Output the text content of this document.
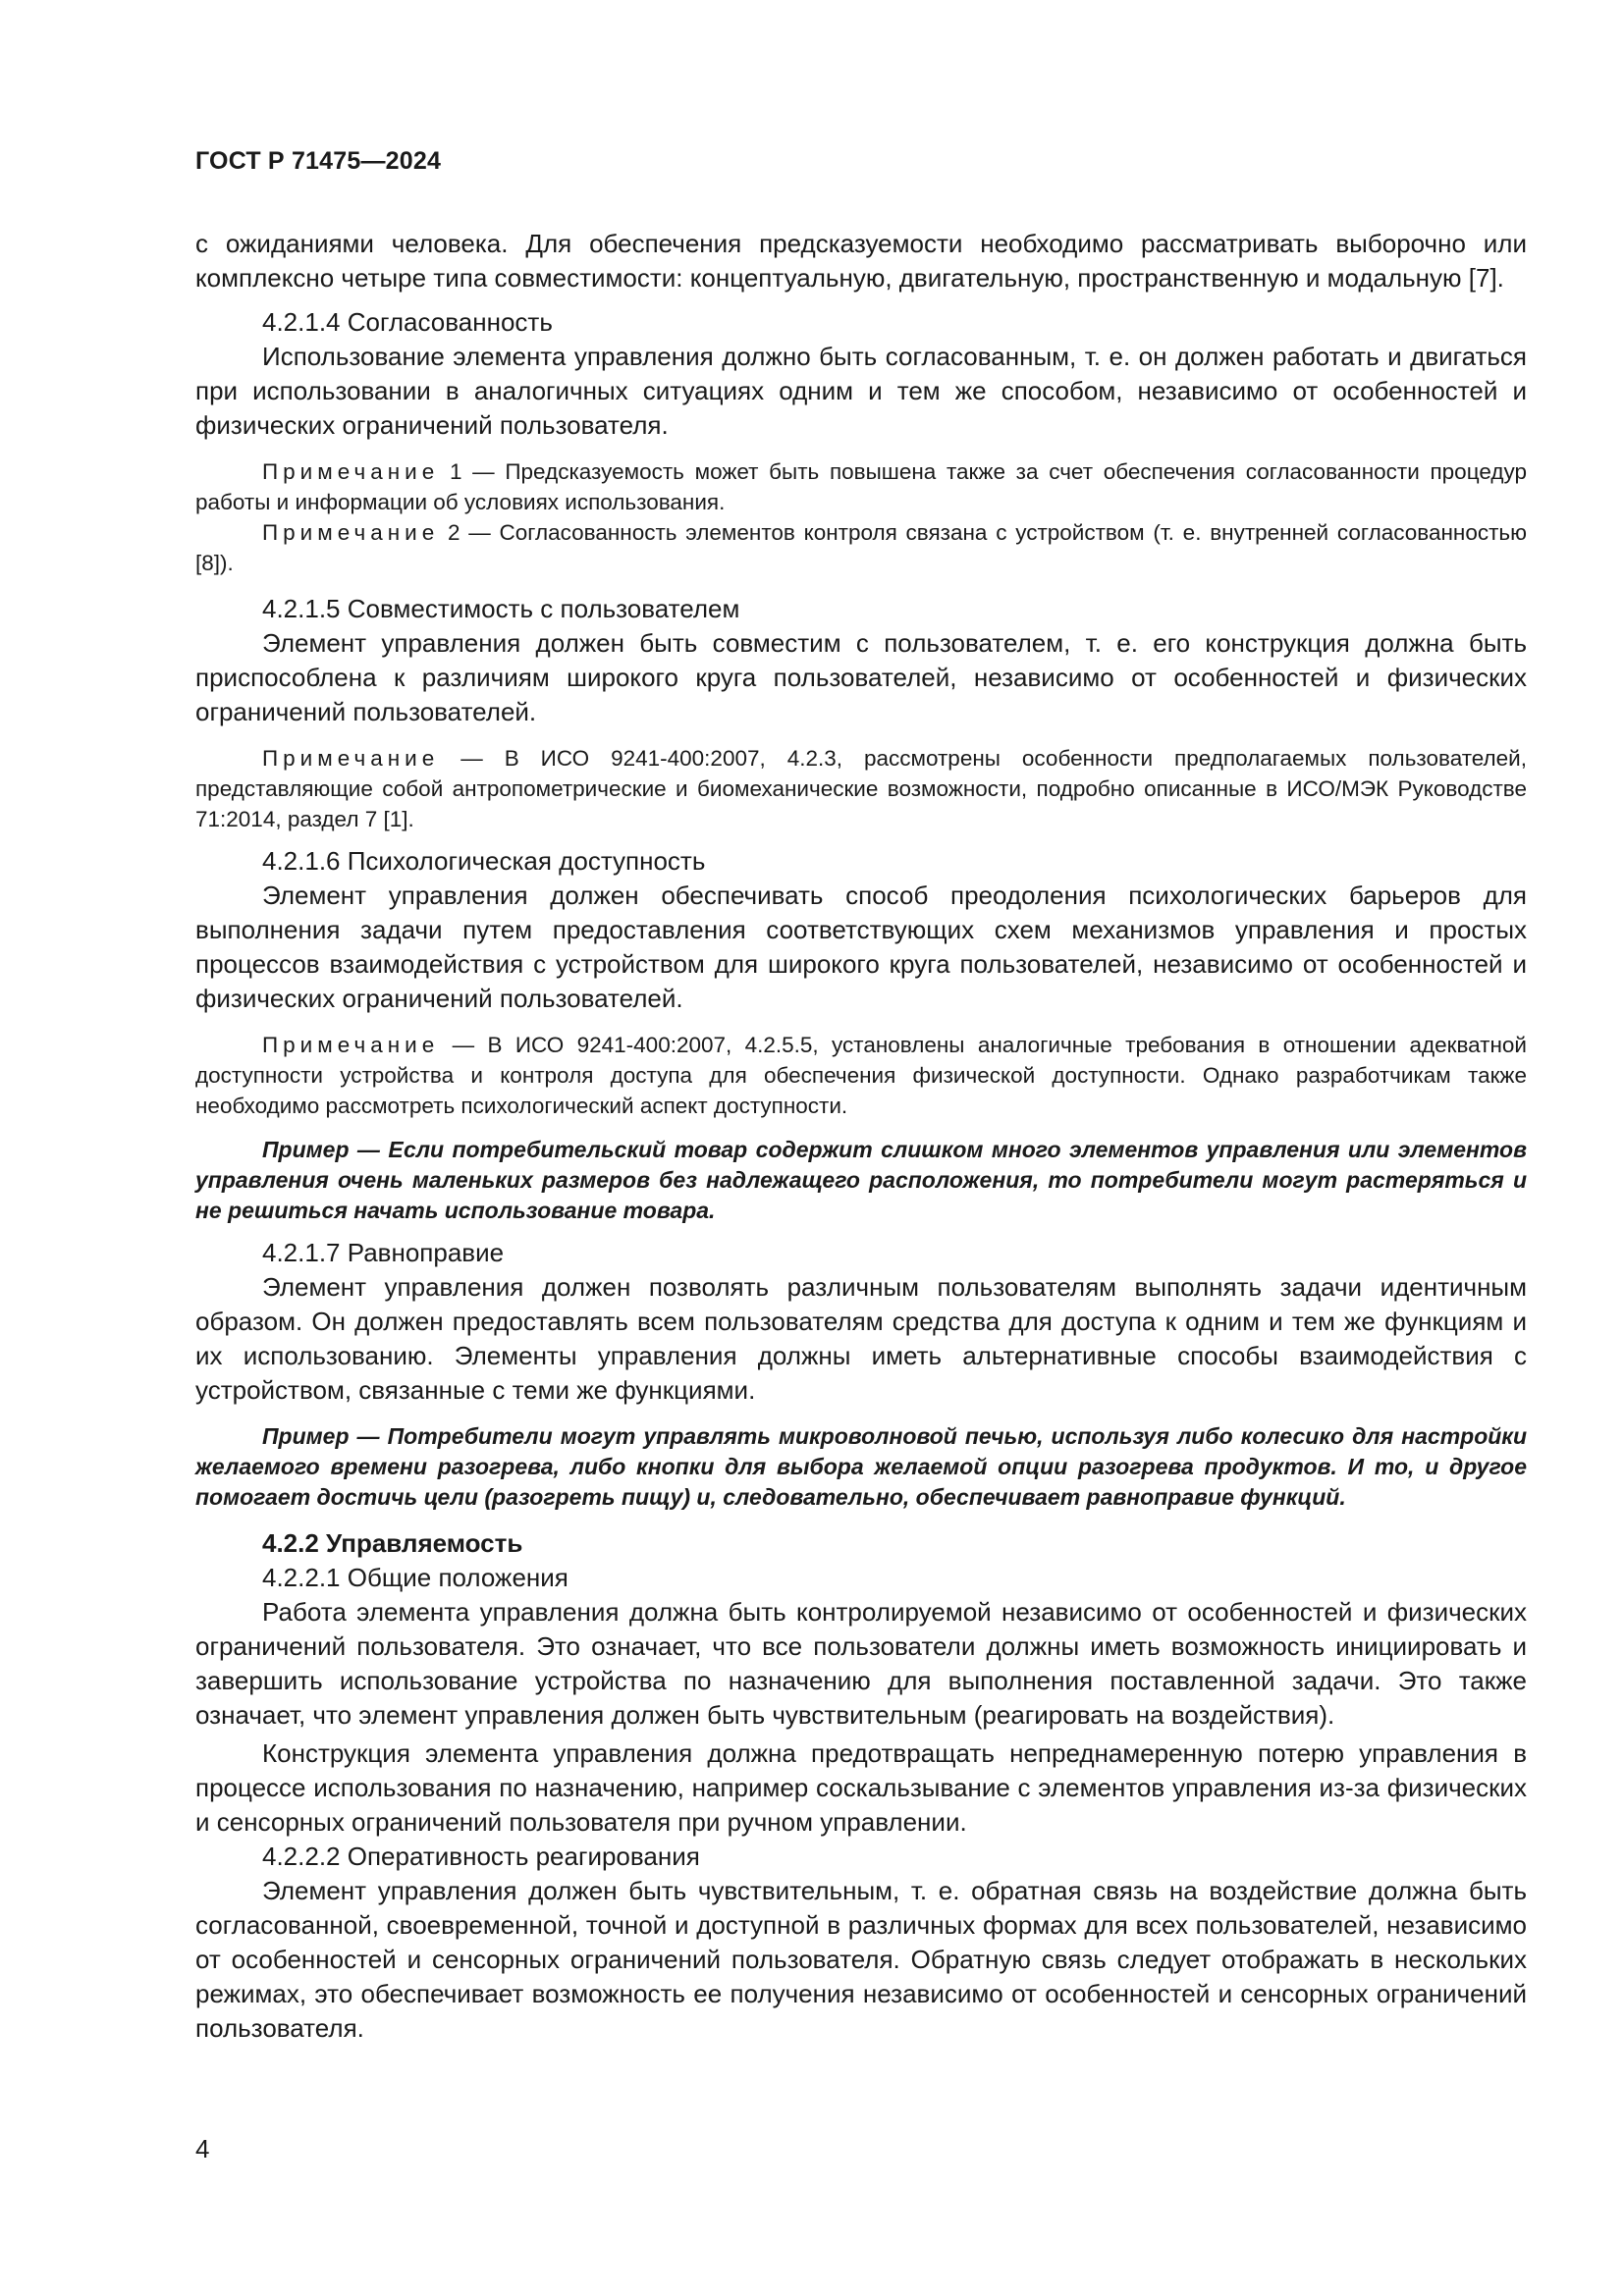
ГОСТ Р 71475—2024

с ожиданиями человека. Для обеспечения предсказуемости необходимо рассматривать выборочно или комплексно четыре типа совместимости: концептуальную, двигательную, пространственную и модальную [7].

4.2.1.4 Согласованность

Использование элемента управления должно быть согласованным, т. е. он должен работать и двигаться при использовании в аналогичных ситуациях одним и тем же способом, независимо от особенностей и физических ограничений пользователя.

Примечание 1 — Предсказуемость может быть повышена также за счет обеспечения согласованности процедур работы и информации об условиях использования.

Примечание 2 — Согласованность элементов контроля связана с устройством (т. е. внутренней согласованностью [8]).

4.2.1.5 Совместимость с пользователем

Элемент управления должен быть совместим с пользователем, т. е. его конструкция должна быть приспособлена к различиям широкого круга пользователей, независимо от особенностей и физических ограничений пользователей.

Примечание — В ИСО 9241-400:2007, 4.2.3, рассмотрены особенности предполагаемых пользователей, представляющие собой антропометрические и биомеханические возможности, подробно описанные в ИСО/МЭК Руководстве 71:2014, раздел 7 [1].

4.2.1.6 Психологическая доступность

Элемент управления должен обеспечивать способ преодоления психологических барьеров для выполнения задачи путем предоставления соответствующих схем механизмов управления и простых процессов взаимодействия с устройством для широкого круга пользователей, независимо от особенностей и физических ограничений пользователей.

Примечание — В ИСО 9241-400:2007, 4.2.5.5, установлены аналогичные требования в отношении адекватной доступности устройства и контроля доступа для обеспечения физической доступности. Однако разработчикам также необходимо рассмотреть психологический аспект доступности.

Пример — Если потребительский товар содержит слишком много элементов управления или элементов управления очень маленьких размеров без надлежащего расположения, то потребители могут растеряться и не решиться начать использование товара.

4.2.1.7 Равноправие

Элемент управления должен позволять различным пользователям выполнять задачи идентичным образом. Он должен предоставлять всем пользователям средства для доступа к одним и тем же функциям и их использованию. Элементы управления должны иметь альтернативные способы взаимодействия с устройством, связанные с теми же функциями.

Пример — Потребители могут управлять микроволновой печью, используя либо колесико для настройки желаемого времени разогрева, либо кнопки для выбора желаемой опции разогрева продуктов. И то, и другое помогает достичь цели (разогреть пищу) и, следовательно, обеспечивает равноправие функций.

4.2.2 Управляемость

4.2.2.1 Общие положения

Работа элемента управления должна быть контролируемой независимо от особенностей и физических ограничений пользователя. Это означает, что все пользователи должны иметь возможность инициировать и завершить использование устройства по назначению для выполнения поставленной задачи. Это также означает, что элемент управления должен быть чувствительным (реагировать на воздействия).

Конструкция элемента управления должна предотвращать непреднамеренную потерю управления в процессе использования по назначению, например соскальзывание с элементов управления из-за физических и сенсорных ограничений пользователя при ручном управлении.

4.2.2.2 Оперативность реагирования

Элемент управления должен быть чувствительным, т. е. обратная связь на воздействие должна быть согласованной, своевременной, точной и доступной в различных формах для всех пользователей, независимо от особенностей и сенсорных ограничений пользователя. Обратную связь следует отображать в нескольких режимах, это обеспечивает возможность ее получения независимо от особенностей и сенсорных ограничений пользователя.

4
